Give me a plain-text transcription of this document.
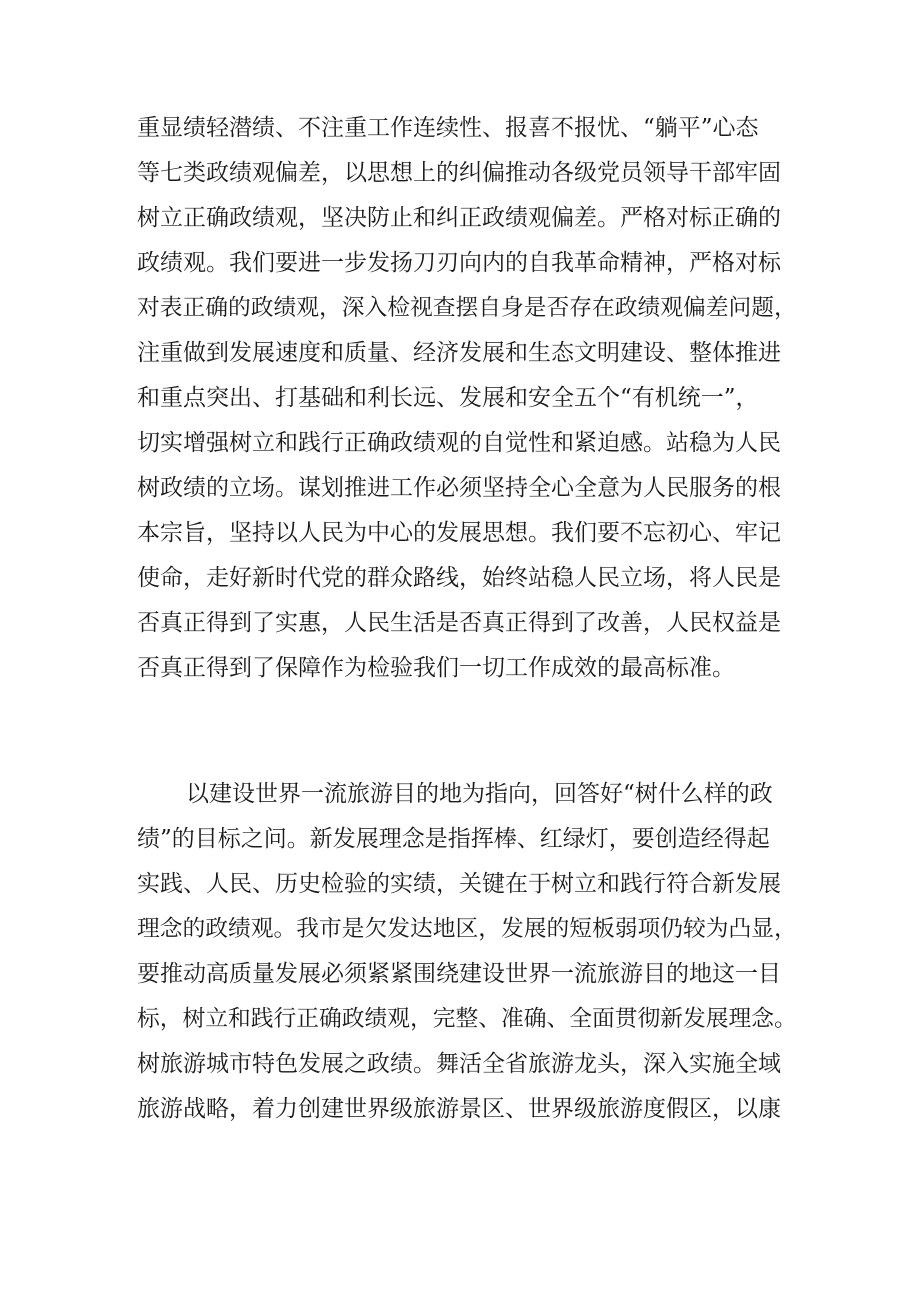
重显绩轻潜绩、不注重工作连续性、报喜不报忧、“躺平”心态
等七类政绩观偏差，以思想上的纠偏推动各级党员领导干部牢固
树立正确政绩观，坚决防止和纠正政绩观偏差。严格对标正确的
政绩观。我们要进一步发扬刀刃向内的自我革命精神，严格对标
对表正确的政绩观，深入检视查摆自身是否存在政绩观偏差问题，
注重做到发展速度和质量、经济发展和生态文明建设、整体推进
和重点突出、打基础和利长远、发展和安全五个“有机统一”，
切实增强树立和践行正确政绩观的自觉性和紧迫感。站稳为人民
树政绩的立场。谋划推进工作必须坚持全心全意为人民服务的根
本宗旨，坚持以人民为中心的发展思想。我们要不忘初心、牢记
使命，走好新时代党的群众路线，始终站稳人民立场，将人民是
否真正得到了实惠，人民生活是否真正得到了改善，人民权益是
否真正得到了保障作为检验我们一切工作成效的最高标准。
以建设世界一流旅游目的地为指向，回答好“树什么样的政
绩”的目标之问。新发展理念是指挥棒、红绿灯，要创造经得起
实践、人民、历史检验的实绩，关键在于树立和践行符合新发展
理念的政绩观。我市是欠发达地区，发展的短板弱项仍较为凸显，
要推动高质量发展必须紧紧围绕建设世界一流旅游目的地这一目
标，树立和践行正确政绩观，完整、准确、全面贯彻新发展理念。
树旅游城市特色发展之政绩。舞活全省旅游龙头，深入实施全域
旅游战略，着力创建世界级旅游景区、世界级旅游度假区，以康
